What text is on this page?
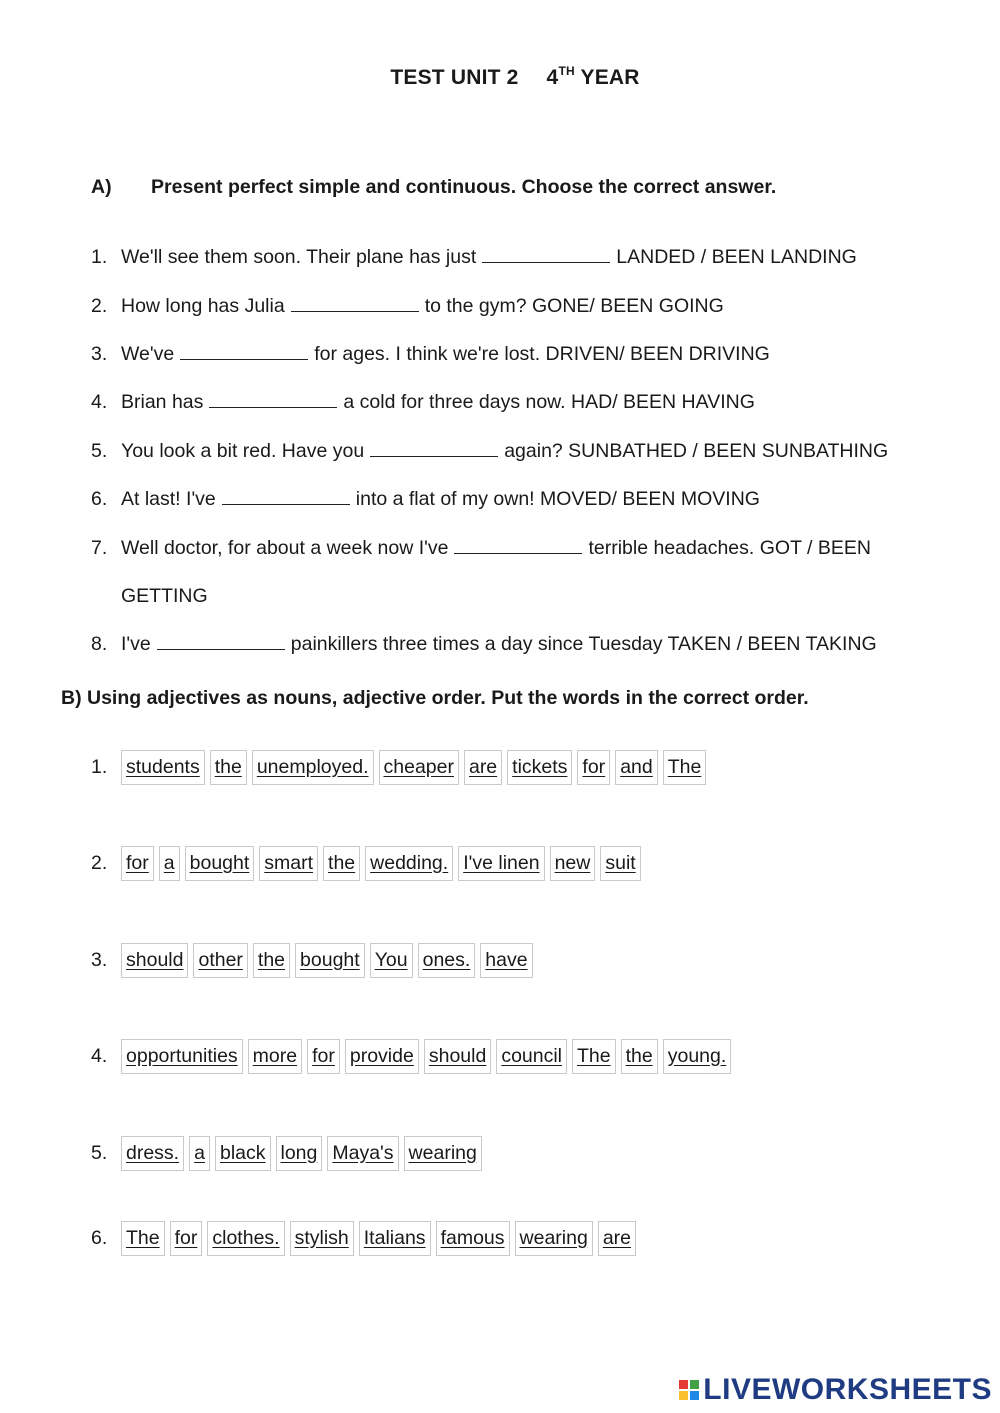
TEST UNIT 2 4TH YEAR
A) Present perfect simple and continuous. Choose the correct answer.
1. We'll see them soon. Their plane has just	LANDED / BEEN LANDING
2. How long has Julia	to the gym? GONE/ BEEN GOING
3. We've	for ages. I think we're lost. DRIVEN/ BEEN DRIVING
4. Brian has	a cold for three days now. HAD/ BEEN HAVING
5. You look a bit red. Have you	again? SUNBATHED / BEEN SUNBATHING
6. At last! I've	into a flat of my own! MOVED/ BEEN MOVING
7. Well doctor, for about a week now I've	terrible headaches. GOT / BEEN
GETTING
8. I've	painkillers three times a day since Tuesday TAKEN / BEEN TAKING
B) Using adjectives as nouns, adjective order. Put the words in the correct order.
1. students the unemployed. cheaper are tickets for and The
2. for a bought smart the wedding. I've linen new suit
3. should other the bought You ones. have
4. opportunities more for provide should council The the young.
5. dress. a black long Maya's wearing
6. The for clothes. stylish Italians famous wearing are
LIVEWORKSHEETS
